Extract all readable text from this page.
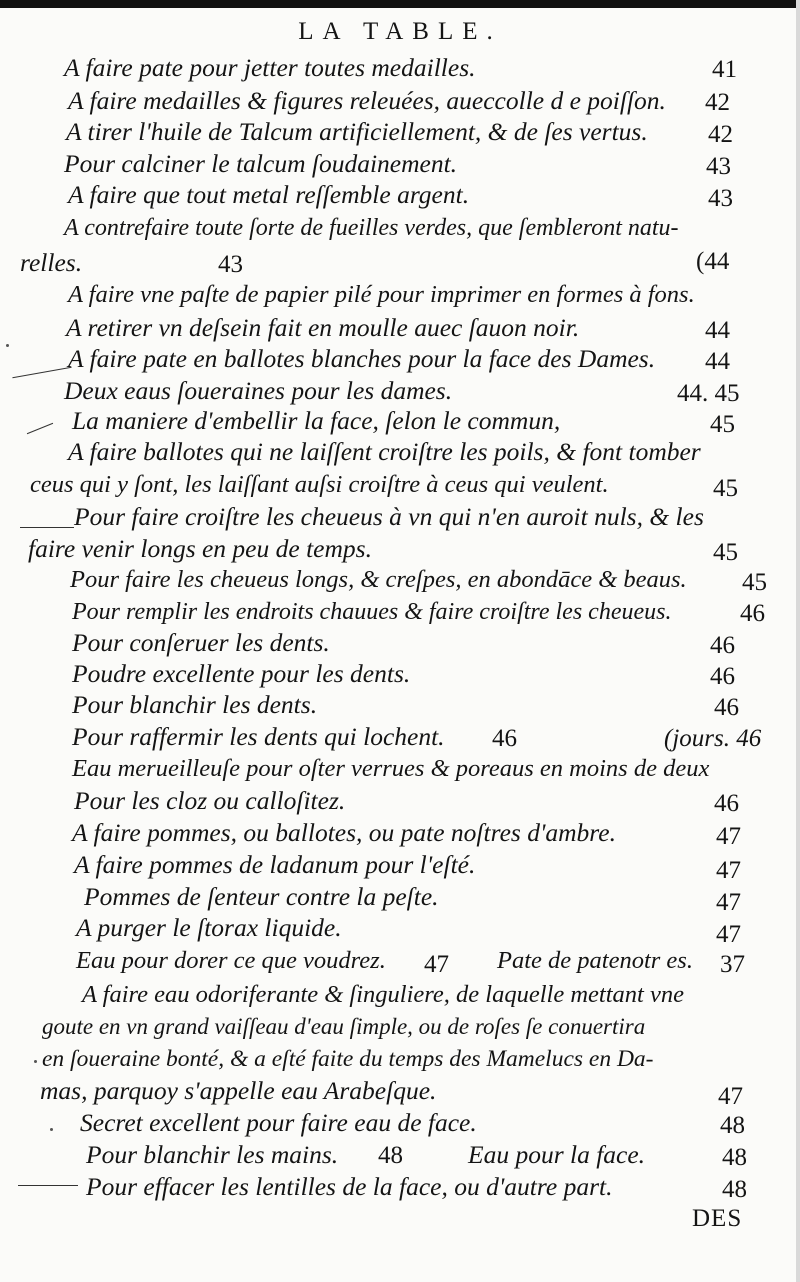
LA TABLE.
A faire pate pour jetter toutes medailles.	41
A faire medailles & figures releuées, aueccolle d e poiſſon. 42
A tirer l'huile de Talcum artificiellement, & de ſes vertus. 42
Pour calciner le talcum ſoudainement.	43
A faire que tout metal reſſemble argent.	43
A contrefaire toute ſorte de fueilles verdes, que ſembleront natu-
relles.	43	(44
A faire vne paſte de papier pilé pour imprimer en formes à fons.
A retirer vn deſsein fait en moulle auec ſauon noir.	44
A faire pate en ballotes blanches pour la face des Dames. 44
Deux eaus ſoueraines pour les dames.	44. 45
La maniere d'embellir la face, ſelon le commun,	45
A faire ballotes qui ne laiſſent croiſtre les poils, & font tomber
ceus qui y ſont, les laiſſant auſsi croiſtre à ceus qui veulent.	45
Pour faire croiſtre les cheueus à vn qui n'en auroit nuls, & les
faire venir longs en peu de temps.	45
Pour faire les cheueus longs, & creſpes, en abondāce & beaus. 45
Pour remplir les endroits chauues & faire croiſtre les cheueus.	46
Pour conſeruer les dents.	46
Poudre excellente pour les dents.	46
Pour blanchir les dents.	46
Pour raffermir les dents qui lochent. 46	(jours. 46
Eau merueilleuſe pour oſter verrues & poreaus en moins de deux
Pour les cloz ou calloſitez.	46
A faire pommes, ou ballotes, ou pate noſtres d'ambre.	47
A faire pommes de ladanum pour l'eſté.	47
Pommes de ſenteur contre la peſte.	47
A purger le ſtorax liquide.	47
Eau pour dorer ce que voudrez. 47 Pate de patenotr es. 37
A faire eau odoriferante & ſinguliere, de laquelle mettant vne
goute en vn grand vaiſſeau d'eau ſimple, ou de roſes ſe conuertira
en ſoueraine bonté, & a eſté faite du temps des Mamelucs en Da-
mas, parquoy s'appelle eau Arabeſque.	47
Secret excellent pour faire eau de face.	48
Pour blanchir les mains. 48	Eau pour la face.	48
Pour effacer les lentilles de la face, ou d'autre part.	48
DES
